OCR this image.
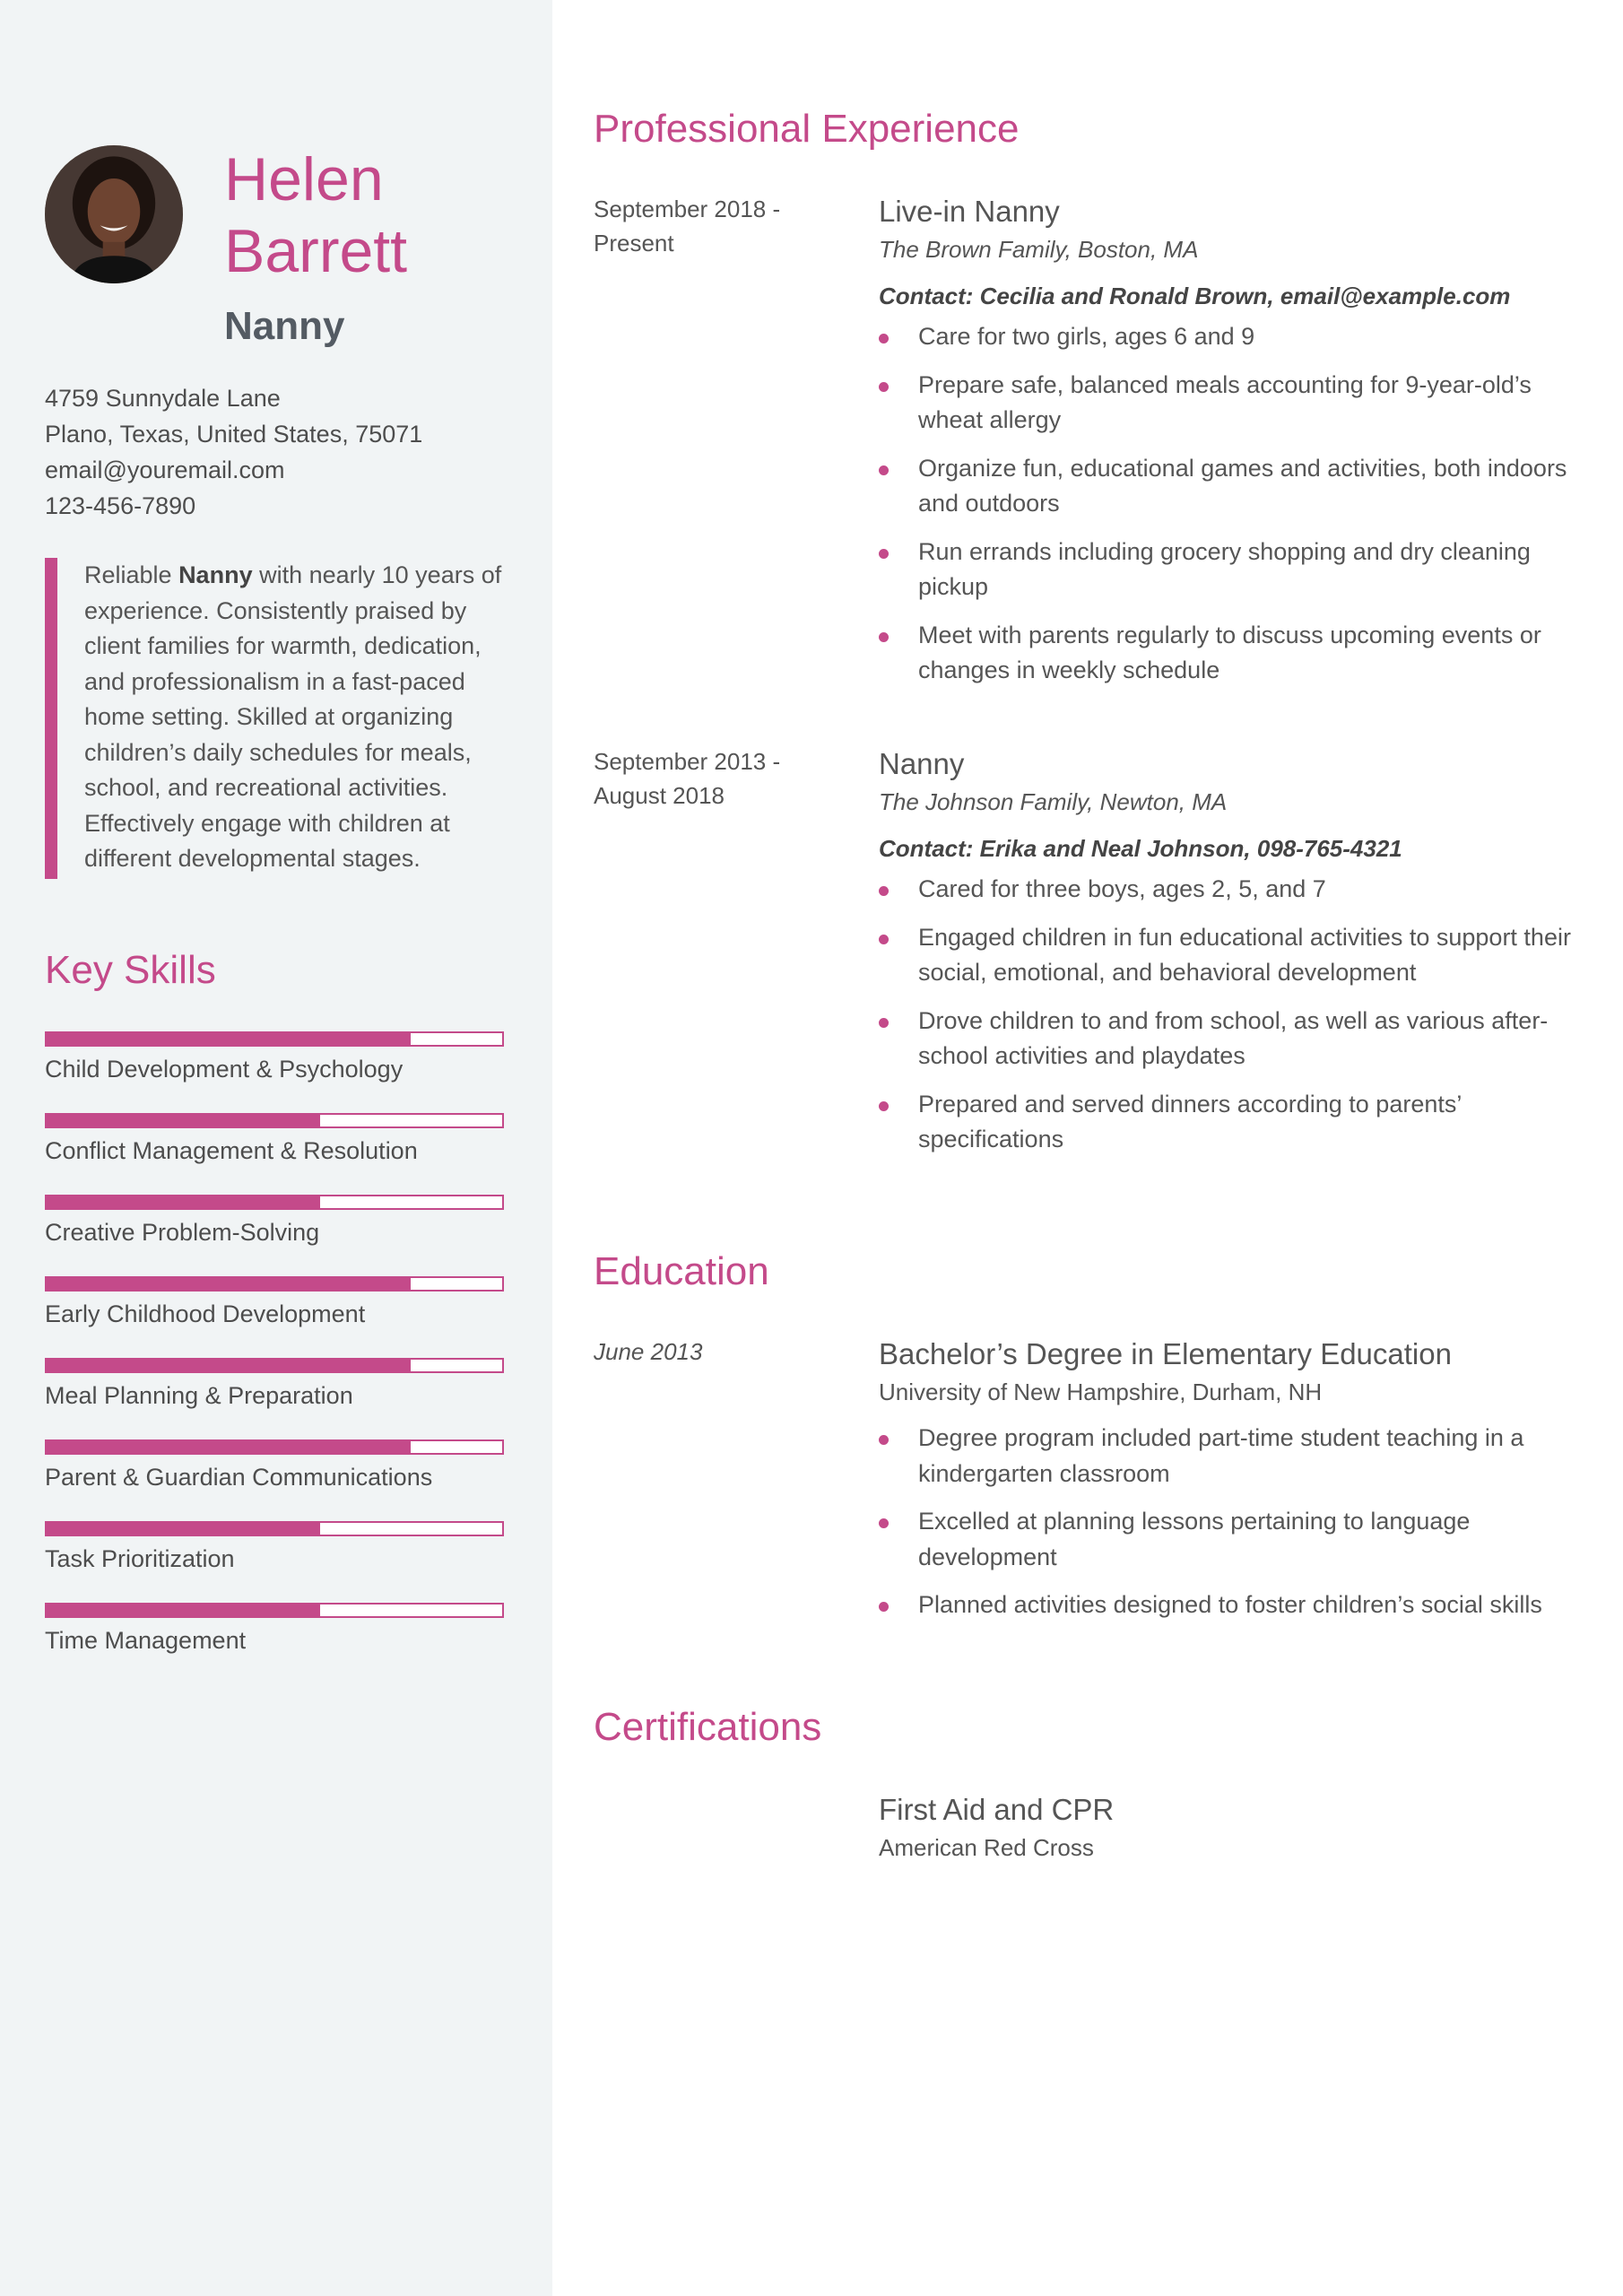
Helen
Barrett
Nanny
4759 Sunnydale Lane
Plano, Texas, United States, 75071
email@youremail.com
123-456-7890
Reliable Nanny with nearly 10 years of experience. Consistently praised by client families for warmth, dedication, and professionalism in a fast-paced home setting. Skilled at organizing children’s daily schedules for meals, school, and recreational activities. Effectively engage with children at different developmental stages.
Key Skills
Child Development & Psychology
Conflict Management & Resolution
Creative Problem-Solving
Early Childhood Development
Meal Planning & Preparation
Parent & Guardian Communications
Task Prioritization
Time Management
Professional Experience
September 2018 -
Present
Live-in Nanny
The Brown Family, Boston, MA
Contact: Cecilia and Ronald Brown, email@example.com
Care for two girls, ages 6 and 9
Prepare safe, balanced meals accounting for 9-year-old’s wheat allergy
Organize fun, educational games and activities, both indoors and outdoors
Run errands including grocery shopping and dry cleaning pickup
Meet with parents regularly to discuss upcoming events or changes in weekly schedule
September 2013 -
August 2018
Nanny
The Johnson Family, Newton, MA
Contact: Erika and Neal Johnson, 098-765-4321
Cared for three boys, ages 2, 5, and 7
Engaged children in fun educational activities to support their social, emotional, and behavioral development
Drove children to and from school, as well as various after-school activities and playdates
Prepared and served dinners according to parents’ specifications
Education
June 2013	Bachelor’s Degree in Elementary Education
University of New Hampshire, Durham, NH
Degree program included part-time student teaching in a kindergarten classroom
Excelled at planning lessons pertaining to language development
Planned activities designed to foster children’s social skills
Certifications
First Aid and CPR
American Red Cross
